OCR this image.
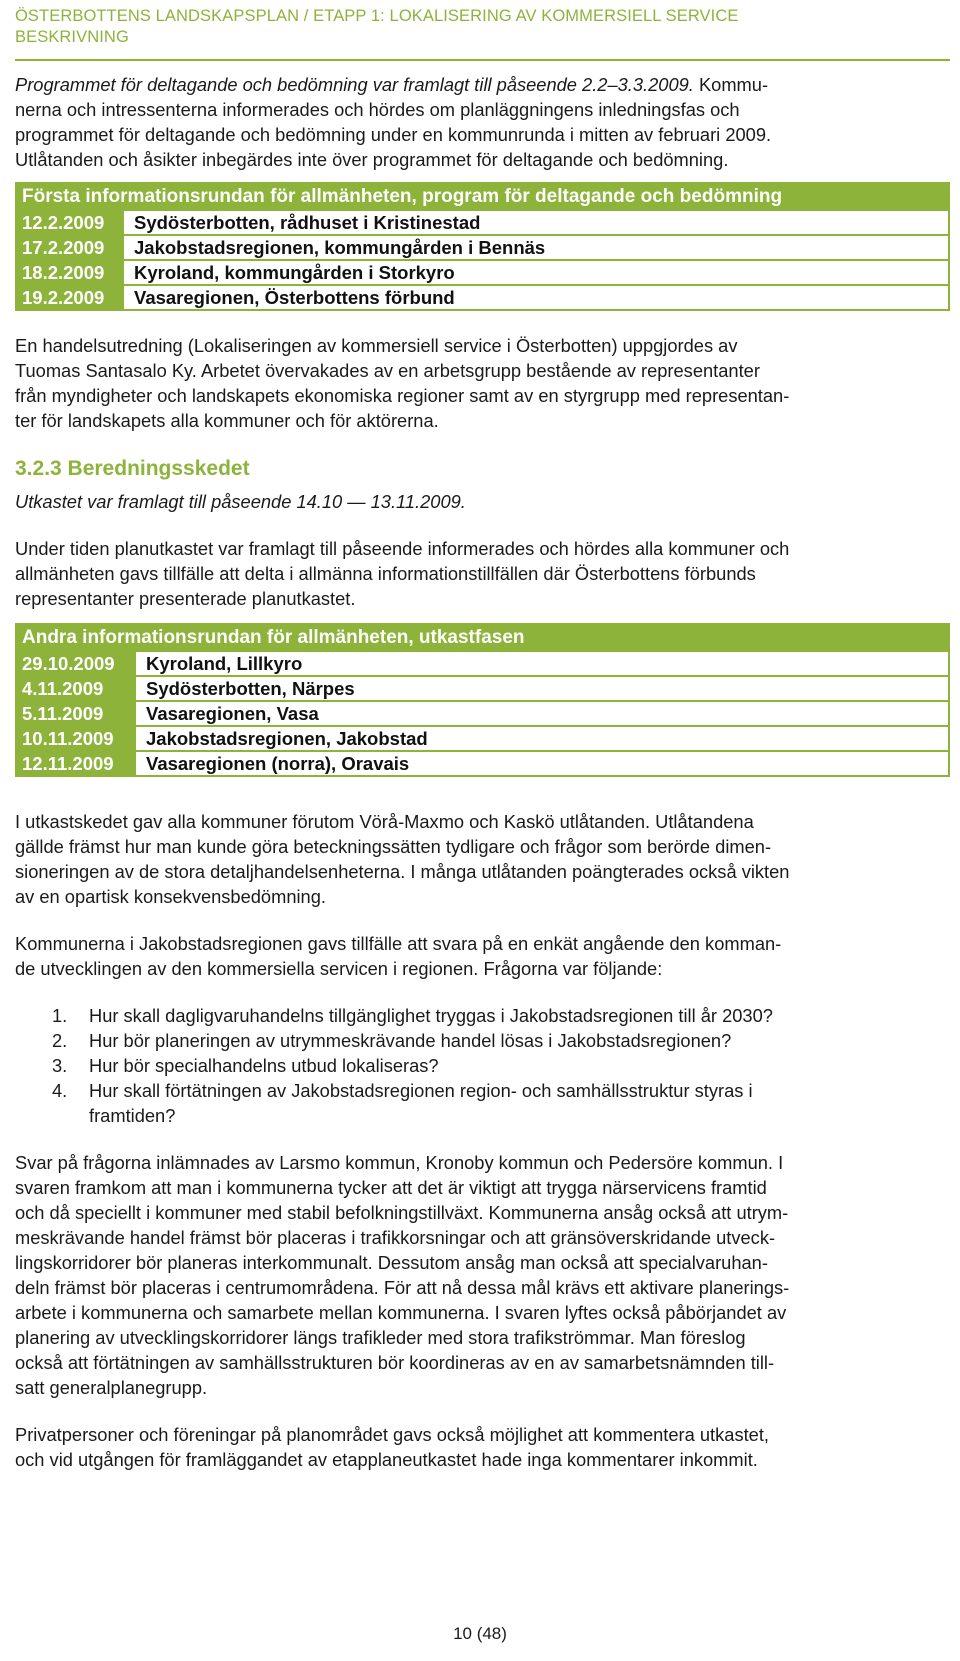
ÖSTERBOTTENS LANDSKAPSPLAN / ETAPP 1: LOKALISERING AV KOMMERSIELL SERVICE
BESKRIVNING

Programmet för deltagande och bedömning var framlagt till påseende 2.2–3.3.2009. Kommu-

nerna och intressenterna informerades och hördes om planläggningens inledningsfas och

programmet för deltagande och bedömning under en kommunrunda i mitten av februari 2009.

Utlåtanden och åsikter inbegärdes inte över programmet för deltagande och bedömning.

Första informationsrundan för allmänheten, program för deltagande och bedömning	
12.2.2009	Sydösterbotten, rådhuset i Kristinestad
17.2.2009	Jakobstadsregionen, kommungården i Bennäs
18.2.2009	Kyroland, kommungården i Storkyro
19.2.2009	Vasaregionen, Österbottens förbund

En handelsutredning (Lokaliseringen av kommersiell service i Österbotten) uppgjordes av

Tuomas Santasalo Ky. Arbetet övervakades av en arbetsgrupp bestående av representanter

från myndigheter och landskapets ekonomiska regioner samt av en styrgrupp med representan-

ter för landskapets alla kommuner och för aktörerna.

3.2.3 Beredningsskedet

Utkastet var framlagt till påseende 14.10 — 13.11.2009.

Under tiden planutkastet var framlagt till påseende informerades och hördes alla kommuner och

allmänheten gavs tillfälle att delta i allmänna informationstillfällen där Österbottens förbunds

representanter presenterade planutkastet.

Andra informationsrundan för allmänheten, utkastfasen	
29.10.2009	Kyroland, Lillkyro
4.11.2009	Sydösterbotten, Närpes
5.11.2009	Vasaregionen, Vasa
10.11.2009	Jakobstadsregionen, Jakobstad
12.11.2009	Vasaregionen (norra), Oravais

I utkastskedet gav alla kommuner förutom Vörå-Maxmo och Kaskö utlåtanden. Utlåtandena

gällde främst hur man kunde göra beteckningssätten tydligare och frågor som berörde dimen-

sioneringen av de stora detaljhandelsenheterna. I många utlåtanden poängterades också vikten

av en opartisk konsekvensbedömning.

Kommunerna i Jakobstadsregionen gavs tillfälle att svara på en enkät angående den komman-

de utvecklingen av den kommersiella servicen i regionen. Frågorna var följande:

1. Hur skall dagligvaruhandelns tillgänglighet tryggas i Jakobstadsregionen till år 2030?
2. Hur bör planeringen av utrymmeskrävande handel lösas i Jakobstadsregionen?
3. Hur bör specialhandelns utbud lokaliseras?
4. Hur skall förtätningen av Jakobstadsregionen region- och samhällsstruktur styras i
framtiden?

Svar på frågorna inlämnades av Larsmo kommun, Kronoby kommun och Pedersöre kommun. I

svaren framkom att man i kommunerna tycker att det är viktigt att trygga närservicens framtid

och då speciellt i kommuner med stabil befolkningstillväxt. Kommunerna ansåg också att utrym-

meskrävande handel främst bör placeras i trafikkorsningar och att gränsöverskridande utveck-

lingskorridorer bör planeras interkommunalt. Dessutom ansåg man också att specialvaruhan-

deln främst bör placeras i centrumområdena. För att nå dessa mål krävs ett aktivare planerings-

arbete i kommunerna och samarbete mellan kommunerna. I svaren lyftes också påbörjandet av

planering av utvecklingskorridorer längs trafikleder med stora trafikströmmar. Man föreslog

också att förtätningen av samhällsstrukturen bör koordineras av en av samarbetsnämnden till-

satt generalplanegrupp.

Privatpersoner och föreningar på planområdet gavs också möjlighet att kommentera utkastet,

och vid utgången för framläggandet av etapplaneutkastet hade inga kommentarer inkommit.

10 (48)
